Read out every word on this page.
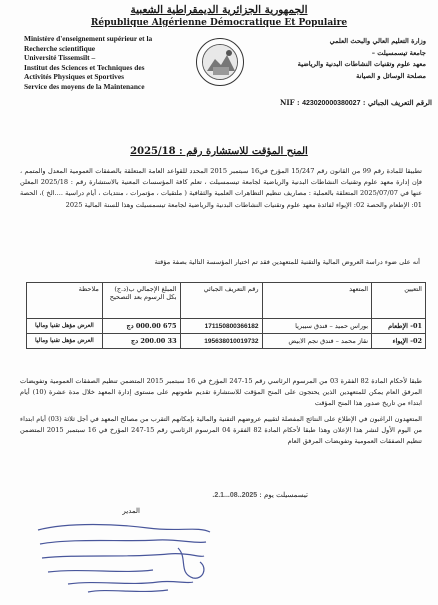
الجمهورية الجزائرية الديمقراطية الشعبية
République Algérienne Démocratique Et Populaire
Ministère d'enseignement supérieur et la
Recherche scientifique
Université Tissemsilt –
Institut des Sciences et Techniques des
Activités Physiques et Sportives
Service des moyens de la Maintenance
وزارة التعليم العالي والبحث العلمي
جامعة تيسمسيلت –
معهد علوم وتقنيات النشاطات البدنية والرياضية
مصلحة الوسائل و الصيانة
الرقم التعريف الجبائي : NIF : 423020000380027
المنح المؤقت للاستشارة رقم : 2025/18
تطبيقا للمادة رقم 99 من القانون رقم 15/247 المؤرخ في16 سبتمبر 2015 المحدد للقواعد العامة المتعلقة بالصفقات العمومية المعدل والمتمم ، فإن إدارة معهد علوم وتقنيات النشاطات البدنية والرياضية لجامعة تيسمسيلت ، تعلم كافة المؤسسات المعنية بالاستشارة رقم : 2025/18 المعلن عنها في 2025/07/07 المتعلقة بالعملية : مصاريف تنظيم التظاهرات العلمية والثقافية ( ملتقيات ، مؤتمرات ، منتديات ، أيام دراسية ....الخ )، الحصة 01: الإطعام والحصة 02: الإيواء لفائدة معهد علوم وتقنيات النشاطات البدنية والرياضية لجامعة تيسمسيلت وهذا للسنة المالية 2025
أنه على ضوء دراسة العروض المالية والتقنية للمتعهدين فقد تم اختيار المؤسسة التالية بصفة مؤقتة
التعيين	المتعهد	رقم التعريف الجبائي	المبلغ الإجمالي ب(د.ج) بكل الرسوم بعد التصحيح	ملاحظة
01- الإطعام	بوراس حميد – فندق سيبريا	171150800366182	675 000.00 دج	العرض مؤهل تقنيا وماليا
02- الإيواء	نقاز محمد – فندق نجم الابيض	195638010019732	33 200.00 دج	العرض مؤهل تقنيا وماليا
طبقا لأحكام المادة 82 الفقرة 03 من المرسوم الرئاسي رقم 15-247 المؤرخ في 16 سبتمبر 2015 المتضمن تنظيم الصفقات العمومية وتفويضات المرفق العام يمكن للمتعهدين الذين يحتجون على المنح المؤقت للاستشارة تقديم طعونهم على مستوى إدارة المعهد خلال مدة عشرة (10) أيام ابتداء من تاريخ صدور هذا المنح المؤقت
المتعهدون الراغبون في الإطلاع على النتائج المفصلة لتقييم عروضهم التقنية والمالية بإمكانهم التقرب من مصالح المعهد في أجل ثلاثة (03) أيام ابتداء من اليوم الأول لنشر هذا الإعلان وهذا طبقا لأحكام المادة 82 الفقرة 04 المرسوم الرئاسي رقم 15-247 المؤرخ في 16 سبتمبر 2015 المتضمن تنظيم الصفقات العمومية وتفويضات المرفق العام
تيسمسيلت يوم : 2025..08...2.1.
المدير
